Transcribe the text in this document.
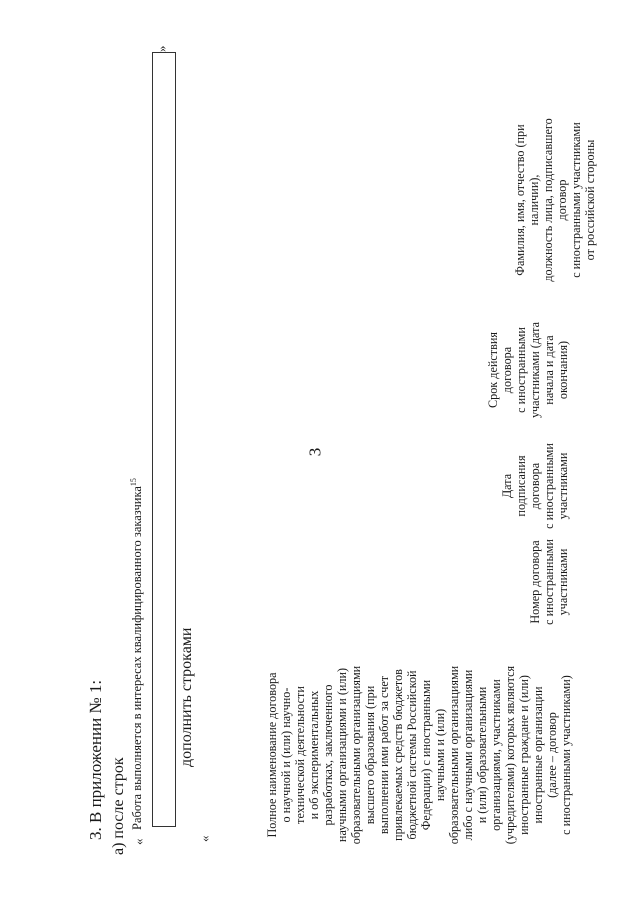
3
3. В приложении № 1: а) после строк «
Работа выполняется в интересах квалифицированного заказчика$^{15}$
»
дополнить строками
«
Полное наименование договора о научной и (или) научно- технической деятельности и об экспериментальных разработках, заключенного научными организациями и (или) образовательными организациями высшего образования (при выполнении ими работ за счет привлекаемых средств бюджетов бюджетной системы Российской Федерации) с иностранными научными и (или) образовательными организациями либо с научными организациями и (или) образовательными организациями, участниками (учредителями) которых являются иностранные граждане и (или) иностранные организации (далее – договор с иностранными участниками)
Номер договора с иностранными участниками
Дата подписания договора с иностранными участниками
Срок действия договора с иностранными участниками (дата начала и дата окончания)
Фамилия, имя, отчество (при наличии), должность лица, подписавшего договор с иностранными участниками от российской стороны
